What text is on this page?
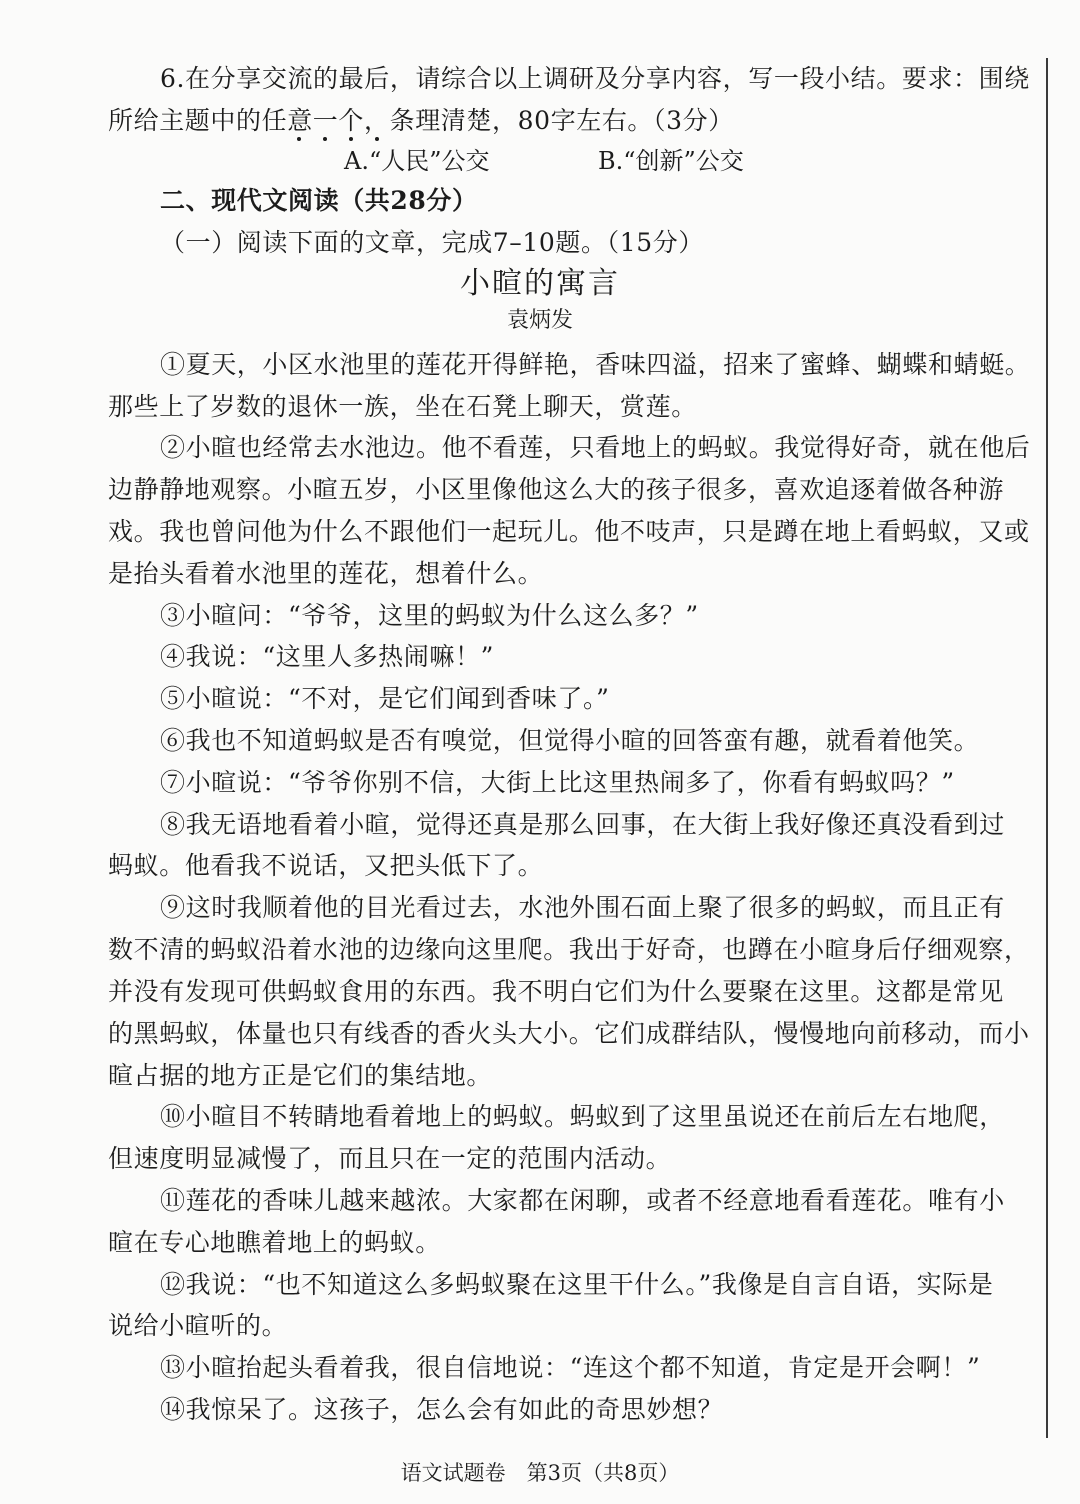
6.在分享交流的最后，请综合以上调研及分享内容，写一段小结。要求：围绕
所给主题中的任意一个，条理清楚，80字左右。（3分）
A.“人民”公交	B.“创新”公交
二、现代文阅读（共28分）
（一）阅读下面的文章，完成7–10题。（15分）
小暄的寓言
袁炳发
①夏天，小区水池里的莲花开得鲜艳，香味四溢，招来了蜜蜂、蝴蝶和蜻蜓。
那些上了岁数的退休一族，坐在石凳上聊天，赏莲。
②小暄也经常去水池边。他不看莲，只看地上的蚂蚁。我觉得好奇，就在他后
边静静地观察。小暄五岁，小区里像他这么大的孩子很多，喜欢追逐着做各种游
戏。我也曾问他为什么不跟他们一起玩儿。他不吱声，只是蹲在地上看蚂蚁，又或
是抬头看着水池里的莲花，想着什么。
③小暄问：“爷爷，这里的蚂蚁为什么这么多？”
④我说：“这里人多热闹嘛！”
⑤小暄说：“不对，是它们闻到香味了。”
⑥我也不知道蚂蚁是否有嗅觉，但觉得小暄的回答蛮有趣，就看着他笑。
⑦小暄说：“爷爷你别不信，大街上比这里热闹多了，你看有蚂蚁吗？”
⑧我无语地看着小暄，觉得还真是那么回事，在大街上我好像还真没看到过
蚂蚁。他看我不说话，又把头低下了。
⑨这时我顺着他的目光看过去，水池外围石面上聚了很多的蚂蚁，而且正有
数不清的蚂蚁沿着水池的边缘向这里爬。我出于好奇，也蹲在小暄身后仔细观察，
并没有发现可供蚂蚁食用的东西。我不明白它们为什么要聚在这里。这都是常见
的黑蚂蚁，体量也只有线香的香火头大小。它们成群结队，慢慢地向前移动，而小
暄占据的地方正是它们的集结地。
⑩小暄目不转睛地看着地上的蚂蚁。蚂蚁到了这里虽说还在前后左右地爬，
但速度明显减慢了，而且只在一定的范围内活动。
⑪莲花的香味儿越来越浓。大家都在闲聊，或者不经意地看看莲花。唯有小
暄在专心地瞧着地上的蚂蚁。
⑫我说：“也不知道这么多蚂蚁聚在这里干什么。”我像是自言自语，实际是
说给小暄听的。
⑬小暄抬起头看着我，很自信地说：“连这个都不知道，肯定是开会啊！”
⑭我惊呆了。这孩子，怎么会有如此的奇思妙想？
语文试题卷　第3页（共8页）
